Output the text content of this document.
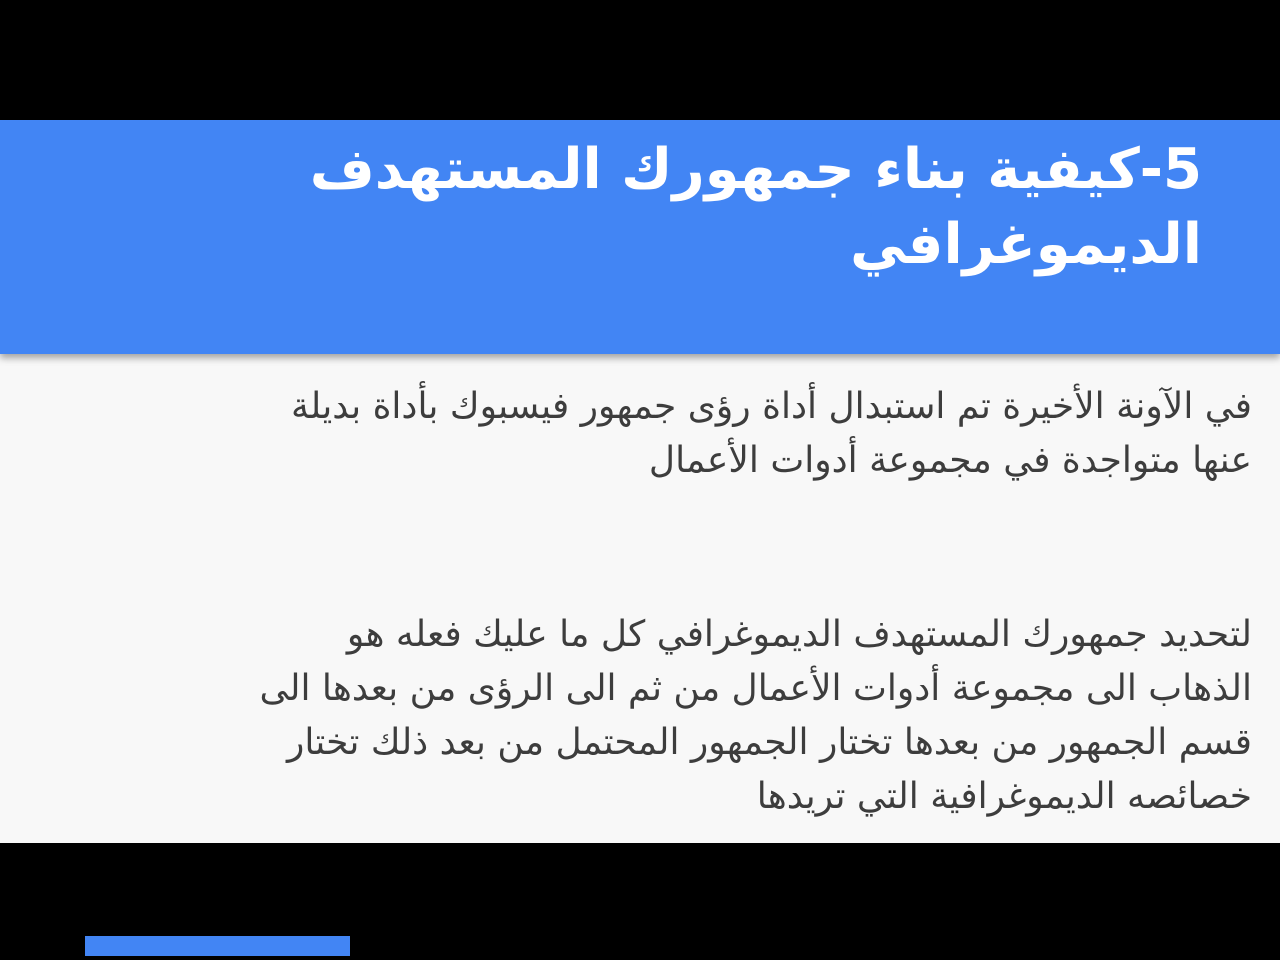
5-كيفية بناء جمهورك المستهدف
الديموغرافي
في الآونة الأخيرة تم استبدال أداة رؤى جمهور فيسبوك بأداة بديلة
عنها متواجدة في مجموعة أدوات الأعمال
لتحديد جمهورك المستهدف الديموغرافي كل ما عليك فعله هو
الذهاب الى مجموعة أدوات الأعمال من ثم الى الرؤى من بعدها الى
قسم الجمهور من بعدها تختار الجمهور المحتمل من بعد ذلك تختار
خصائصه الديموغرافية التي تريدها
